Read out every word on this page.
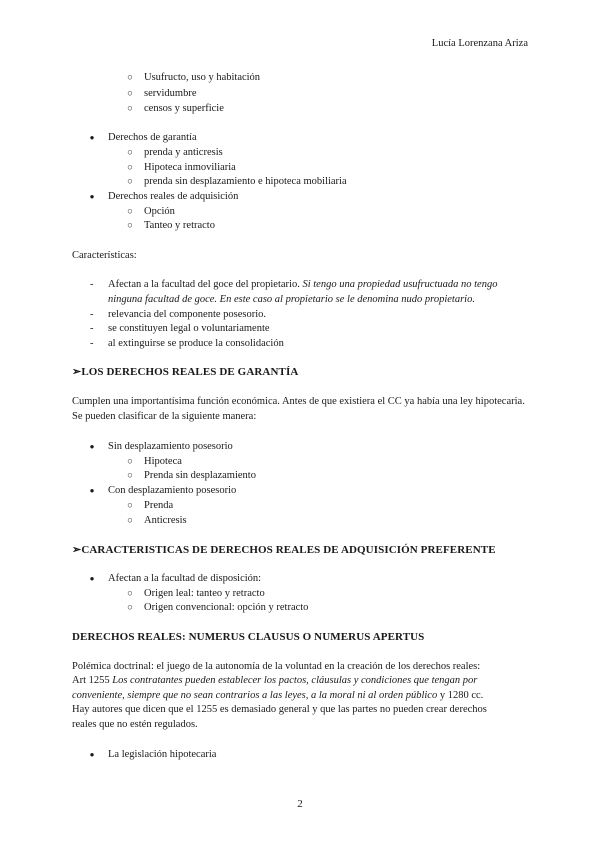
Lucía Lorenzana Ariza
○ Usufructo, uso y habitación
○ servidumbre
○ censos y superficie
●	Derechos de garantía
○ prenda y anticresis
○ Hipoteca inmoviliaria
○ prenda sin desplazamiento e hipoteca mobiliaria
●	Derechos reales de adquisición
○ Opción
○ Tanteo y retracto
Características:
-	Afectan a la facultad del goce del propietario. Si tengo una propiedad usufructuada no tengo
ninguna facultad de goce. En este caso al propietario se le denomina nudo propietario.
-	relevancia del componente posesorio.
-	se constituyen legal o voluntariamente
-	al extinguirse se produce la consolidación
➢LOS DERECHOS REALES DE GARANTÍA
Cumplen una importantísima función económica. Antes de que existiera el CC ya había una ley hipotecaria. Se pueden clasificar de la siguiente manera:
●	Sin desplazamiento posesorio
○ Hipoteca
○ Prenda sin desplazamiento
●	Con desplazamiento posesorio
○ Prenda
○ Anticresis
➢CARACTERISTICAS DE DERECHOS REALES DE ADQUISICIÓN PREFERENTE
●	Afectan a la facultad de disposición:
○ Origen leal: tanteo y retracto
○ Origen convencional: opción y retracto
DERECHOS REALES: NUMERUS CLAUSUS O NUMERUS APERTUS
Polémica doctrinal: el juego de la autonomía de la voluntad en la creación de los derechos reales:
Art 1255 Los contratantes pueden establecer los pactos, cláusulas y condiciones que tengan por
conveniente, siempre que no sean contrarios a las leyes, a la moral ni al orden público y 1280 cc.
Hay autores que dicen que el 1255 es demasiado general y que las partes no pueden crear derechos
reales que no estén regulados.
●	La legislación hipotecaria
2
